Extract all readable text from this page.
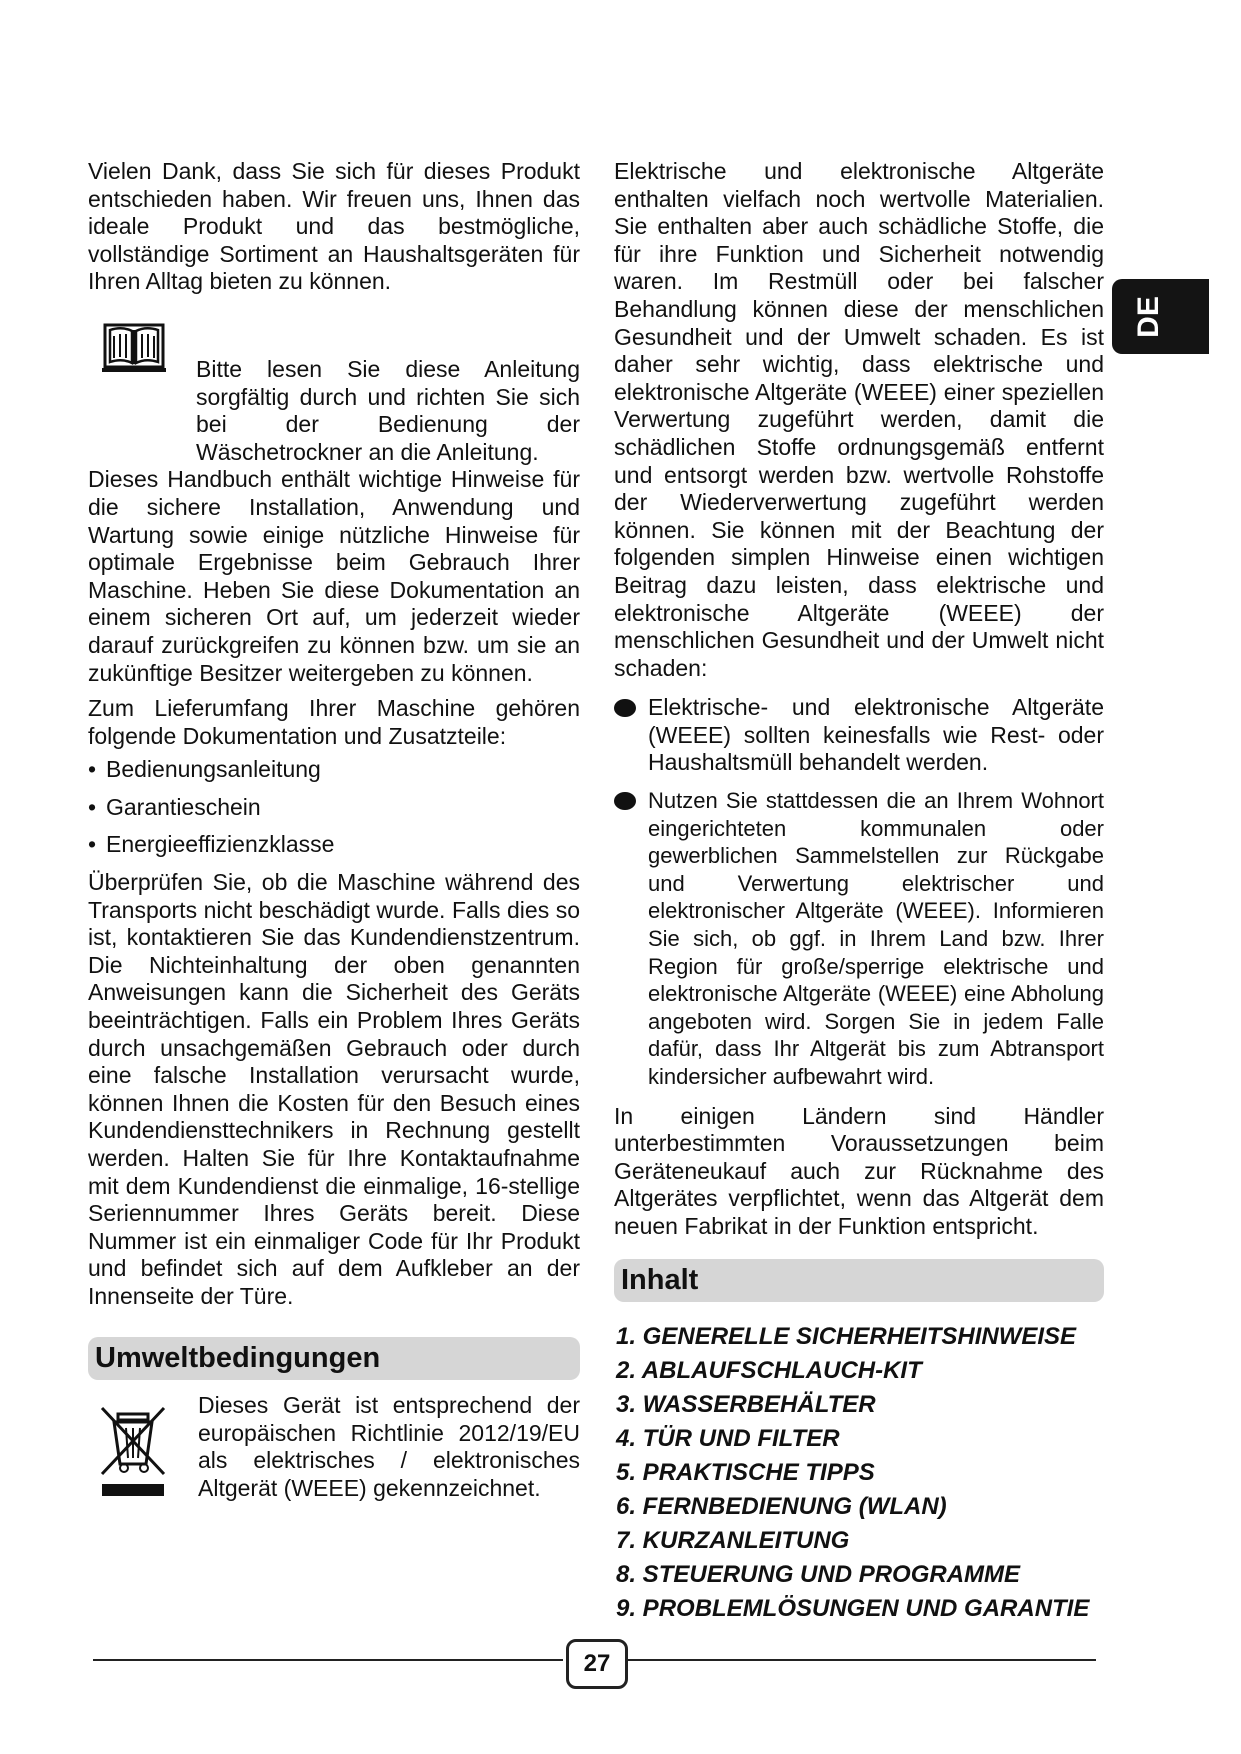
DE

Vielen Dank, dass Sie sich für dieses Produkt entschieden haben. Wir freuen uns, Ihnen das ideale Produkt und das bestmögliche, vollständige Sortiment an Haushaltsgeräten für Ihren Alltag bieten zu können.

Bitte lesen Sie diese Anleitung sorgfältig durch und richten Sie sich bei der Bedienung der Wäschetrockner an die Anleitung.

Dieses Handbuch enthält wichtige Hinweise für die sichere Installation, Anwendung und Wartung sowie einige nützliche Hinweise für optimale Ergebnisse beim Gebrauch Ihrer Maschine. Heben Sie diese Dokumentation an einem sicheren Ort auf, um jederzeit wieder darauf zurückgreifen zu können bzw. um sie an zukünftige Besitzer weitergeben zu können.

Zum Lieferumfang Ihrer Maschine gehören folgende Dokumentation und Zusatzteile:

• Bedienungsanleitung
• Garantieschein
• Energieeffizienzklasse

Überprüfen Sie, ob die Maschine während des Transports nicht beschädigt wurde. Falls dies so ist, kontaktieren Sie das Kundendienstzentrum. Die Nichteinhaltung der oben genannten Anweisungen kann die Sicherheit des Geräts beeinträchtigen. Falls ein Problem Ihres Geräts durch unsachgemäßen Gebrauch oder durch eine falsche Installation verursacht wurde, können Ihnen die Kosten für den Besuch eines Kundendiensttechnikers in Rechnung gestellt werden. Halten Sie für Ihre Kontaktaufnahme mit dem Kundendienst die einmalige, 16-stellige Seriennummer Ihres Geräts bereit. Diese Nummer ist ein einmaliger Code für Ihr Produkt und befindet sich auf dem Aufkleber an der Innenseite der Türe.

Umweltbedingungen

Dieses Gerät ist entsprechend der europäischen Richtlinie 2012/19/EU als elektrisches / elektronisches Altgerät (WEEE) gekennzeichnet.

Elektrische und elektronische Altgeräte enthalten vielfach noch wertvolle Materialien. Sie enthalten aber auch schädliche Stoffe, die für ihre Funktion und Sicherheit notwendig waren. Im Restmüll oder bei falscher Behandlung können diese der menschlichen Gesundheit und der Umwelt schaden. Es ist daher sehr wichtig, dass elektrische und elektronische Altgeräte (WEEE) einer speziellen Verwertung zugeführt werden, damit die schädlichen Stoffe ordnungsgemäß entfernt und entsorgt werden bzw. wertvolle Rohstoffe der Wiederverwertung zugeführt werden können. Sie können mit der Beachtung der folgenden simplen Hinweise einen wichtigen Beitrag dazu leisten, dass elektrische und elektronische Altgeräte (WEEE) der menschlichen Gesundheit und der Umwelt nicht schaden:

Elektrische- und elektronische Altgeräte (WEEE) sollten keinesfalls wie Rest- oder Haushaltsmüll behandelt werden.

Nutzen Sie stattdessen die an Ihrem Wohnort eingerichteten kommunalen oder gewerblichen Sammelstellen zur Rückgabe und Verwertung elektrischer und elektronischer Altgeräte (WEEE). Informieren Sie sich, ob ggf. in Ihrem Land bzw. Ihrer Region für große/sperrige elektrische und elektronische Altgeräte (WEEE) eine Abholung angeboten wird. Sorgen Sie in jedem Falle dafür, dass Ihr Altgerät bis zum Abtransport kindersicher aufbewahrt wird.

In einigen Ländern sind Händler unterbestimmten Voraussetzungen beim Geräteneukauf auch zur Rücknahme des Altgerätes verpflichtet, wenn das Altgerät dem neuen Fabrikat in der Funktion entspricht.

Inhalt
1. GENERELLE SICHERHEITSHINWEISE
2. ABLAUFSCHLAUCH-KIT
3. WASSERBEHÄLTER
4. TÜR UND FILTER
5. PRAKTISCHE TIPPS
6. FERNBEDIENUNG (WLAN)
7. KURZANLEITUNG
8. STEUERUNG UND PROGRAMME
9. PROBLEMLÖSUNGEN UND GARANTIE
27
